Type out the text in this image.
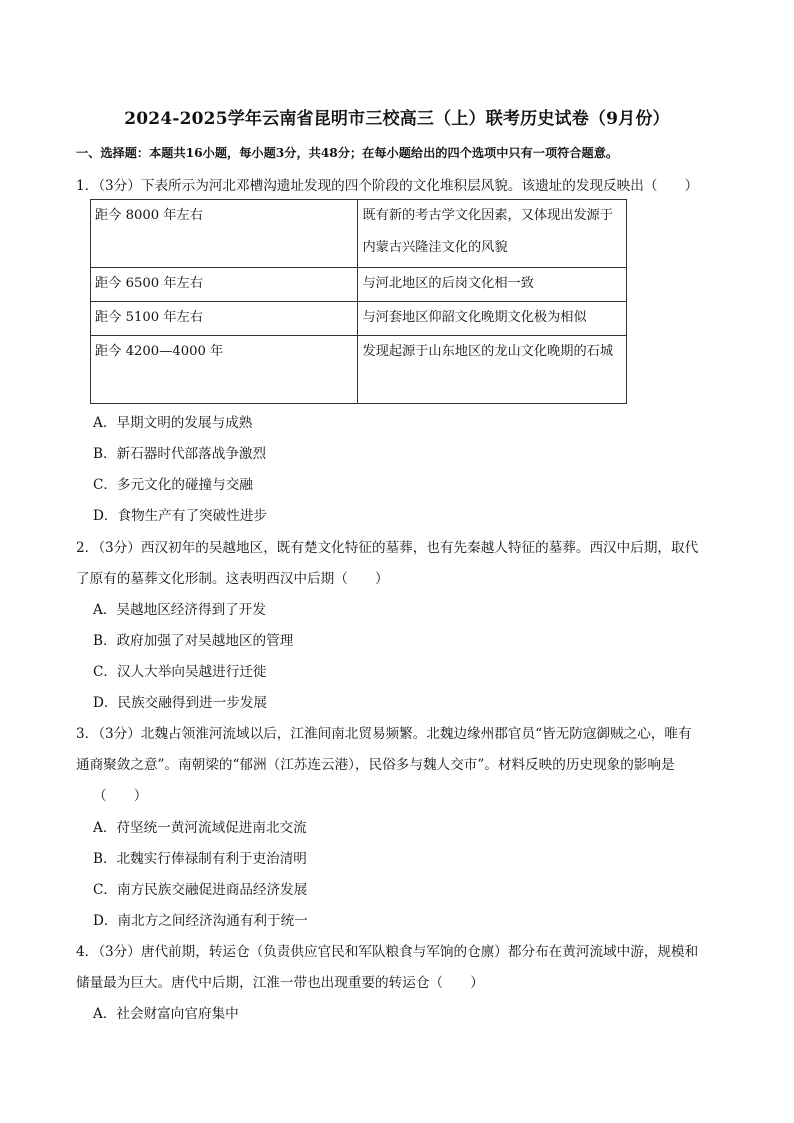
2024-2025学年云南省昆明市三校高三（上）联考历史试卷（9月份）
一、选择题：本题共16小题，每小题3分，共48分；在每小题给出的四个选项中只有一项符合题意。
1．（3分）下表所示为河北邓槽沟遗址发现的四个阶段的文化堆积层风貌。该遗址的发现反映出（　　）
距今 8000 年左右	既有新的考古学文化因素，又体现出发源于内蒙古兴隆洼文化的风貌
距今 6500 年左右	与河北地区的后岗文化相一致
距今 5100 年左右	与河套地区仰韶文化晚期文化极为相似
距今 4200—4000 年	发现起源于山东地区的龙山文化晚期的石城
A．早期文明的发展与成熟
B．新石器时代部落战争激烈
C．多元文化的碰撞与交融
D．食物生产有了突破性进步
2．（3分）西汉初年的吴越地区，既有楚文化特征的墓葬，也有先秦越人特征的墓葬。西汉中后期，取代
了原有的墓葬文化形制。这表明西汉中后期（　　）
A．吴越地区经济得到了开发
B．政府加强了对吴越地区的管理
C．汉人大举向吴越进行迁徙
D．民族交融得到进一步发展
3．（3分）北魏占领淮河流域以后，江淮间南北贸易频繁。北魏边缘州郡官员“皆无防寇御贼之心，唯有
通商聚敛之意”。南朝梁的“郁洲（江苏连云港），民俗多与魏人交市”。材料反映的历史现象的影响是
（　　）
A．苻坚统一黄河流域促进南北交流
B．北魏实行俸禄制有利于吏治清明
C．南方民族交融促进商品经济发展
D．南北方之间经济沟通有利于统一
4．（3分）唐代前期，转运仓（负责供应官民和军队粮食与军饷的仓廪）都分布在黄河流域中游，规模和
储量最为巨大。唐代中后期，江淮一带也出现重要的转运仓（　　）
A．社会财富向官府集中
